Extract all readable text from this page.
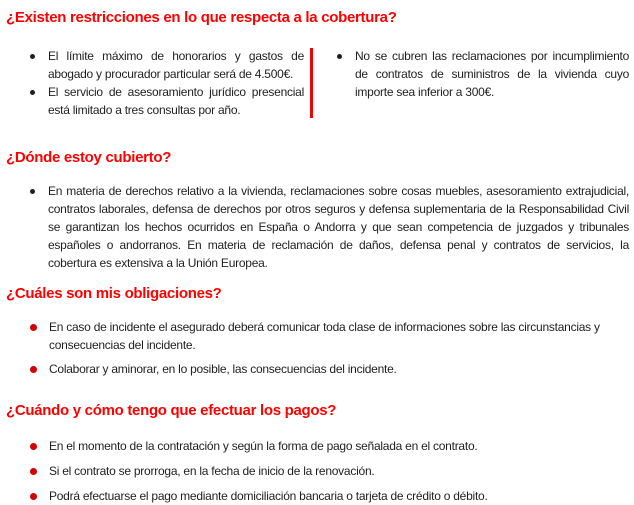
¿Existen restricciones en lo que respecta a la cobertura?
El límite máximo de honorarios y gastos de abogado y procurador particular será de 4.500€.
El servicio de asesoramiento jurídico presencial está limitado a tres consultas por año.
No se cubren las reclamaciones por incumplimiento de contratos de suministros de la vivienda cuyo importe sea inferior a 300€.
¿Dónde estoy cubierto?
En materia de derechos relativo a la vivienda, reclamaciones sobre cosas muebles, asesoramiento extrajudicial, contratos laborales, defensa de derechos por otros seguros y defensa suplementaria de la Responsabilidad Civil se garantizan los hechos ocurridos en España o Andorra y que sean competencia de juzgados y tribunales españoles o andorranos. En materia de reclamación de daños, defensa penal y contratos de servicios, la cobertura es extensiva a la Unión Europea.
¿Cuáles son mis obligaciones?
En caso de incidente el asegurado deberá comunicar toda clase de informaciones sobre las circunstancias y consecuencias del incidente.
Colaborar y aminorar, en lo posible, las consecuencias del incidente.
¿Cuándo y cómo tengo que efectuar los pagos?
En el momento de la contratación y según la forma de pago señalada en el contrato.
Si el contrato se prorroga, en la fecha de inicio de la renovación.
Podrá efectuarse el pago mediante domiciliación bancaria o tarjeta de crédito o débito.
